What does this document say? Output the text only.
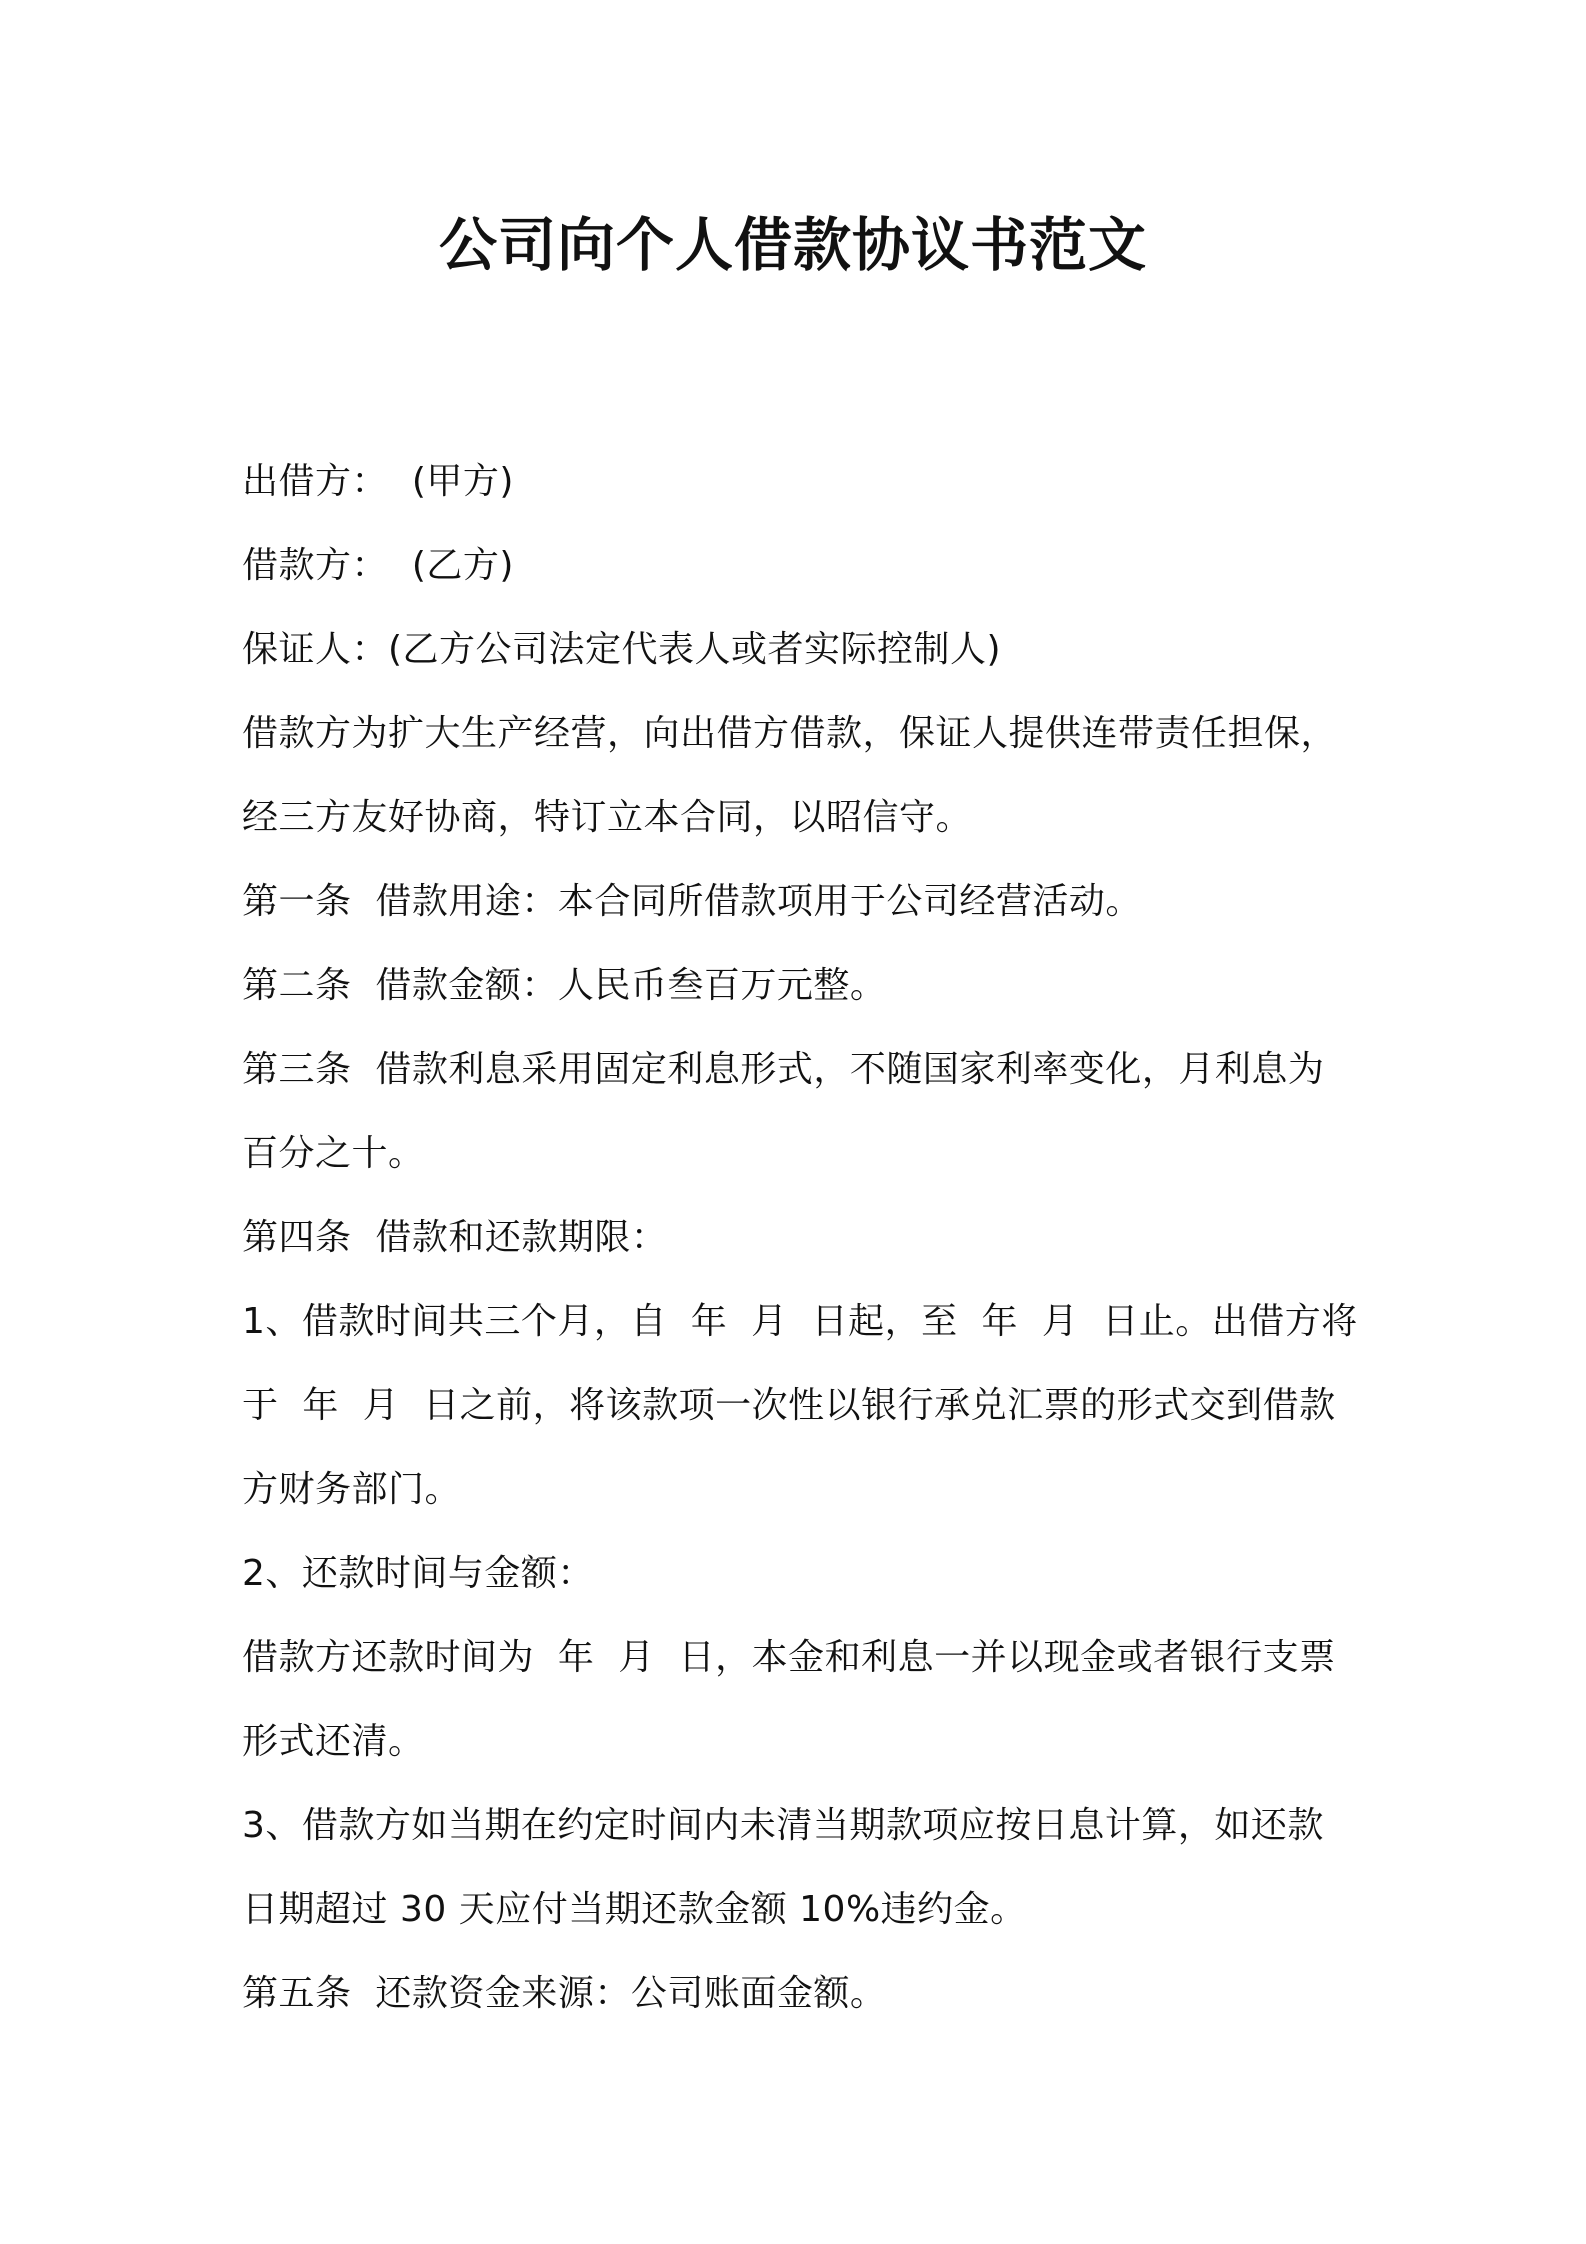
公司向个人借款协议书范文
出借方：  (甲方)
借款方：  (乙方)
保证人：(乙方公司法定代表人或者实际控制人)
借款方为扩大生产经营，向出借方借款，保证人提供连带责任担保，
经三方友好协商，特订立本合同，以昭信守。
第一条  借款用途：本合同所借款项用于公司经营活动。
第二条  借款金额：人民币叁百万元整。
第三条  借款利息采用固定利息形式，不随国家利率变化，月利息为
百分之十。
第四条  借款和还款期限：
1、借款时间共三个月，自  年  月  日起，至  年  月  日止。出借方将
于  年  月  日之前，将该款项一次性以银行承兑汇票的形式交到借款
方财务部门。
2、还款时间与金额：
借款方还款时间为  年  月  日，本金和利息一并以现金或者银行支票
形式还清。
3、借款方如当期在约定时间内未清当期款项应按日息计算，如还款
日期超过 30 天应付当期还款金额 10%违约金。
第五条  还款资金来源：公司账面金额。
